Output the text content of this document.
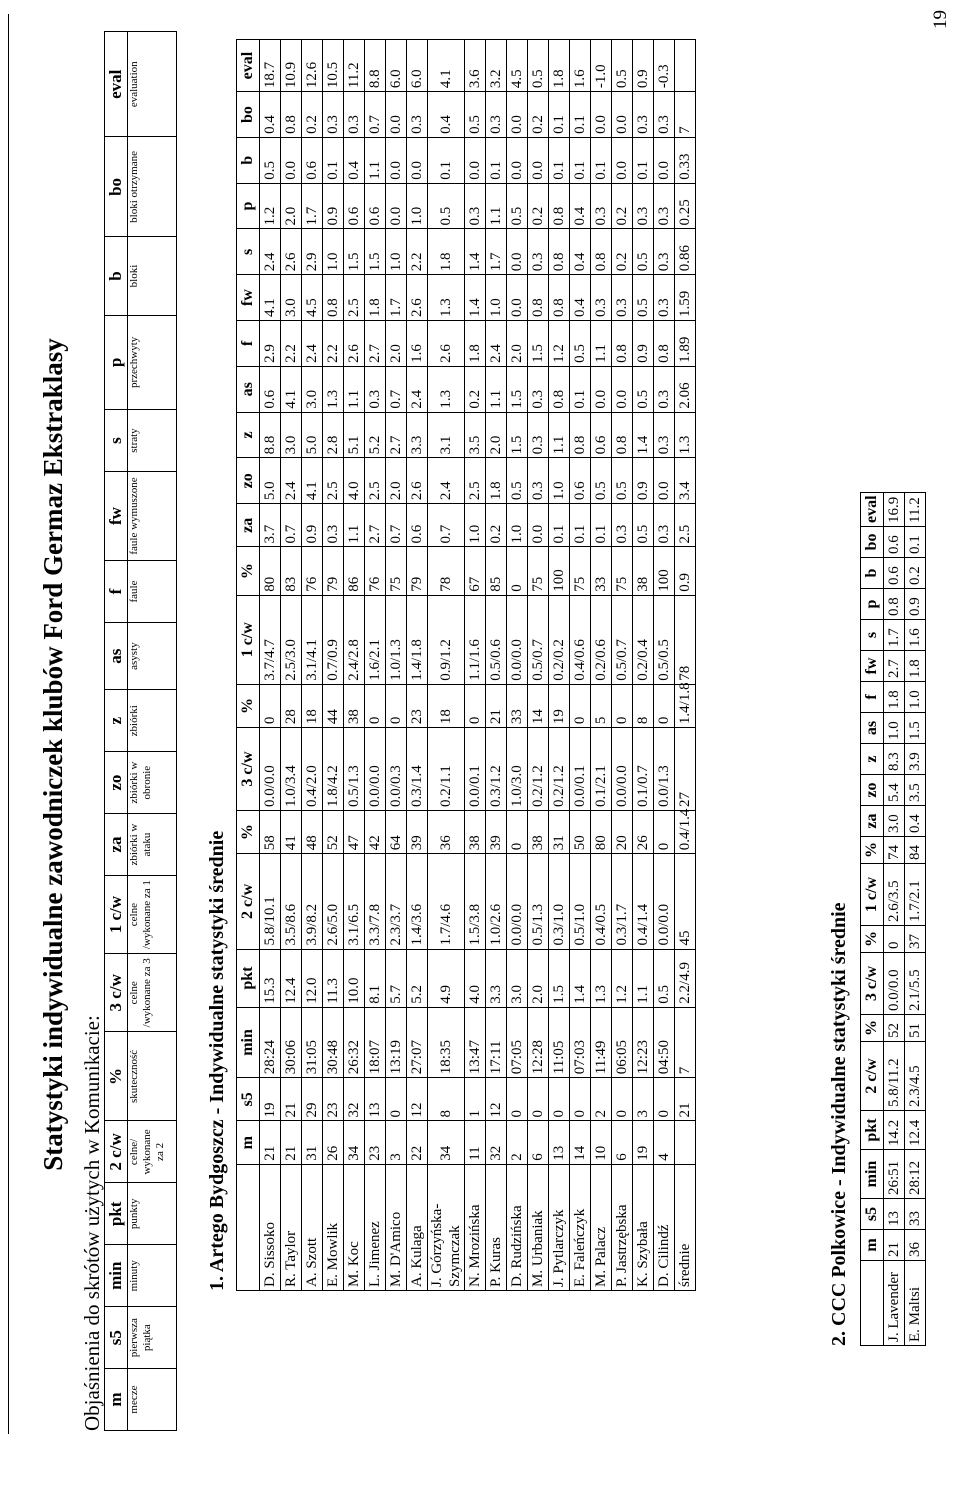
Statystyki indywidualne zawodniczek klubów Ford Germaz Ekstraklasy
Objaśnienia do skrótów użytych w Komunikacie: m	s5	min	pkt	2 c/w	%	3 c/w	1 c/w	za	zo	z	as	f	fw	s	p	b	bo	eval
mecze	pierwsza piątka	minuty	punkty	celne/ wykonane za 2	skuteczność	celne /wykonane za 3	celne /wykonane za 1	zbiórki w ataku	zbiórki w obronie	zbiórki	asysty	faule	faule wymuszone	straty	przechwyty	bloki	bloki otrzymane	evaluation
1. Artego Bydgoszcz - Indywidualne statystyki średnie
	m	s5	min	pkt	2 c/w	%	3 c/w	%	1 c/w	%	za	zo	z	as	f	fw	s	p	b	bo	eval
D. Sissoko	21	19	28:24	15.3	5.8/10.1	58	0.0/0.0	0	3.7/4.7	80	3.7	5.0	8.8	0.6	2.9	4.1	2.4	1.2	0.5	0.4	18.7
R. Taylor	21	21	30:06	12.4	3.5/8.6	41	1.0/3.4	28	2.5/3.0	83	0.7	2.4	3.0	4.1	2.2	3.0	2.6	2.0	0.0	0.8	10.9
A. Szott	31	29	31:05	12.0	3.9/8.2	48	0.4/2.0	18	3.1/4.1	76	0.9	4.1	5.0	3.0	2.4	4.5	2.9	1.7	0.6	0.2	12.6
E. Mowlik	26	23	30:48	11.3	2.6/5.0	52	1.8/4.2	44	0.7/0.9	79	0.3	2.5	2.8	1.3	2.2	0.8	1.0	0.9	0.1	0.3	10.5
M. Koc	34	32	26:32	10.0	3.1/6.5	47	0.5/1.3	38	2.4/2.8	86	1.1	4.0	5.1	1.1	2.6	2.5	1.5	0.6	0.4	0.3	11.2
L. Jimenez	23	13	18:07	8.1	3.3/7.8	42	0.0/0.0	0	1.6/2.1	76	2.7	2.5	5.2	0.3	2.7	1.8	1.5	0.6	1.1	0.7	8.8
M. D'Amico	3	0	13:19	5.7	2.3/3.7	64	0.0/0.3	0	1.0/1.3	75	0.7	2.0	2.7	0.7	2.0	1.7	1.0	0.0	0.0	0.0	6.0
A. Kulaga	22	12	27:07	5.2	1.4/3.6	39	0.3/1.4	23	1.4/1.8	79	0.6	2.6	3.3	2.4	1.6	2.6	2.2	1.0	0.0	0.3	6.0
J. Górzyńska-Szymczak	34	8	18:35	4.9	1.7/4.6	36	0.2/1.1	18	0.9/1.2	78	0.7	2.4	3.1	1.3	2.6	1.3	1.8	0.5	0.1	0.4	4.1
N. Mrozińska	11	1	13:47	4.0	1.5/3.8	38	0.0/0.1	0	1.1/1.6	67	1.0	2.5	3.5	0.2	1.8	1.4	1.4	0.3	0.0	0.5	3.6
P. Kuras	32	12	17:11	3.3	1.0/2.6	39	0.3/1.2	21	0.5/0.6	85	0.2	1.8	2.0	1.1	2.4	1.0	1.7	1.1	0.1	0.3	3.2
D. Rudzińska	2	0	07:05	3.0	0.0/0.0	0	1.0/3.0	33	0.0/0.0	0	1.0	0.5	1.5	1.5	2.0	0.0	0.0	0.5	0.0	0.0	4.5
M. Urbaniak	6	0	12:28	2.0	0.5/1.3	38	0.2/1.2	14	0.5/0.7	75	0.0	0.3	0.3	0.3	1.5	0.8	0.3	0.2	0.0	0.2	0.5
J. Pytlarczyk	13	0	11:05	1.5	0.3/1.0	31	0.2/1.2	19	0.2/0.2	100	0.1	1.0	1.1	0.8	1.2	0.8	0.8	0.8	0.1	0.1	1.8
E. Faleńczyk	14	0	07:03	1.4	0.5/1.0	50	0.0/0.1	0	0.4/0.6	75	0.1	0.6	0.8	0.1	0.5	0.4	0.4	0.4	0.1	0.1	1.6
M. Palacz	10	2	11:49	1.3	0.4/0.5	80	0.1/2.1	5	0.2/0.6	33	0.1	0.5	0.6	0.0	1.1	0.3	0.8	0.3	0.1	0.0	-1.0
P. Jastrzębska	6	0	06:05	1.2	0.3/1.7	20	0.0/0.0	0	0.5/0.7	75	0.3	0.5	0.8	0.0	0.8	0.3	0.2	0.2	0.0	0.0	0.5
K. Szybała	19	3	12:23	1.1	0.4/1.4	26	0.1/0.7	8	0.2/0.4	38	0.5	0.9	1.4	0.5	0.9	0.5	0.5	0.3	0.1	0.3	0.9
D. Cilindź	4	0	04:50	0.5	0.0/0.0	0	0.0/1.3	0	0.5/0.5	100	0.3	0.0	0.3	0.3	0.8	0.3	0.3	0.3	0.0	0.3	-0.3
średnie		21	7	2.2/4.9	45	0.4/1.4	27	1.4/1.8	78	0.9	2.5	3.4	1.3	2.06	1.89	1.59	0.86	0.25	0.33	7	
2. CCC Polkowice - Indywidualne statystyki średnie
	m	s5	min	pkt	2 c/w	%	3 c/w	%	1 c/w	%	za	zo	z	as	f	fw	s	p	b	bo	eval
J. Lavender	21	13	26:51	14.2	5.8/11.2	52	0.0/0.0	0	2.6/3.5	74	3.0	5.4	8.3	1.0	1.8	2.7	1.7	0.8	0.6	0.6	16.9
E. Maltsi	36	33	28:12	12.4	2.3/4.5	51	2.1/5.5	37	1.7/2.1	84	0.4	3.5	3.9	1.5	1.0	1.8	1.6	0.9	0.2	0.1	11.2
19
